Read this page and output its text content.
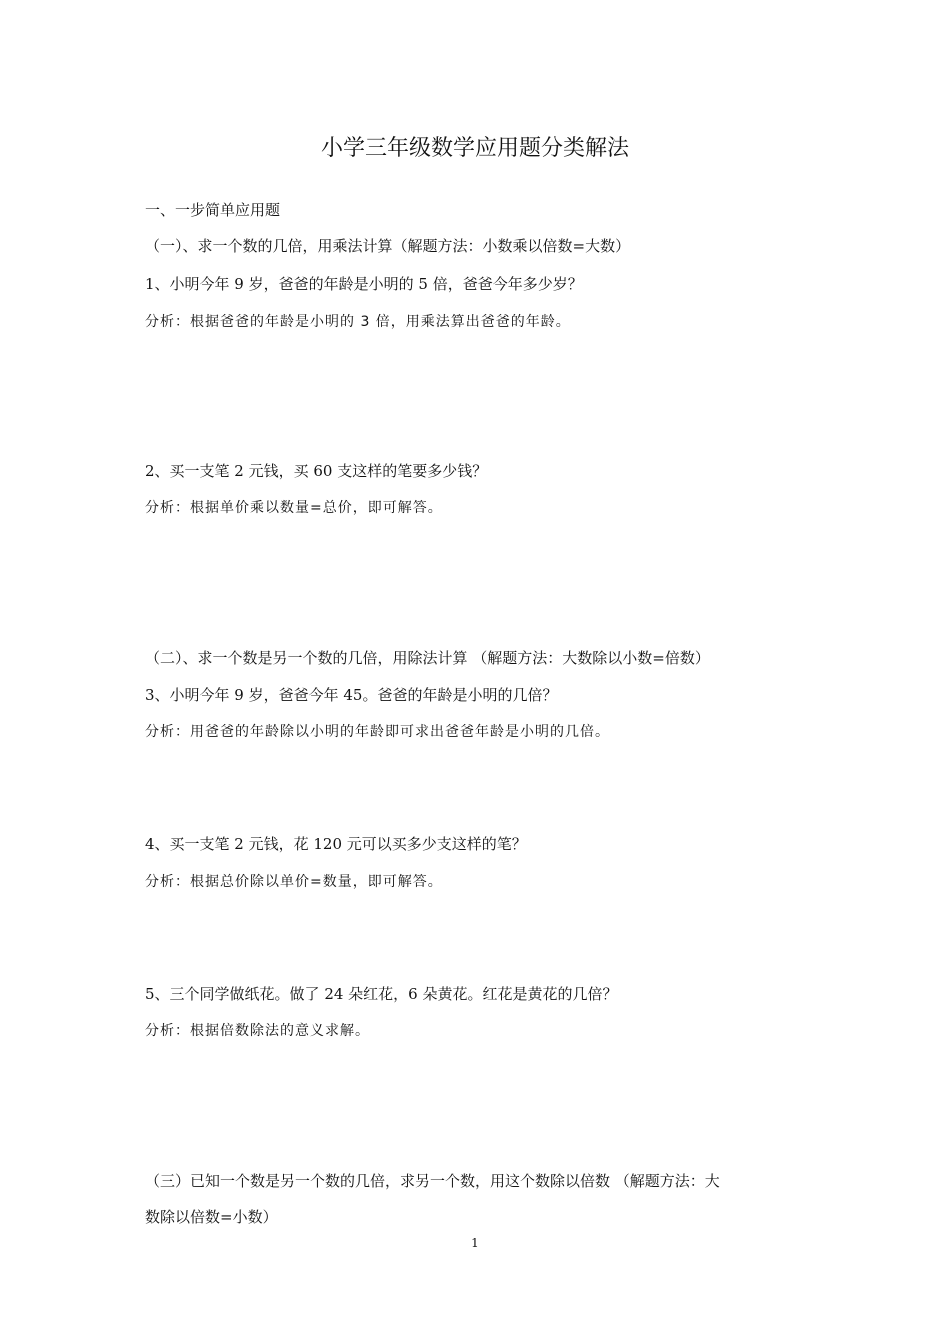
小学三年级数学应用题分类解法
一、一步简单应用题
（一）、求一个数的几倍，用乘法计算（解题方法：小数乘以倍数=大数）
1、小明今年 9 岁，爸爸的年龄是小明的 5 倍，爸爸今年多少岁？
分析：根据爸爸的年龄是小明的 3 倍，用乘法算出爸爸的年龄。
2、买一支笔 2 元钱，买 60 支这样的笔要多少钱？
分析：根据单价乘以数量=总价，即可解答。
（二）、求一个数是另一个数的几倍，用除法计算 （解题方法：大数除以小数=倍数）
3、小明今年 9 岁，爸爸今年 45。爸爸的年龄是小明的几倍？
分析：用爸爸的年龄除以小明的年龄即可求出爸爸年龄是小明的几倍。
4、买一支笔 2 元钱，花 120 元可以买多少支这样的笔？
分析：根据总价除以单价=数量，即可解答。
5、三个同学做纸花。做了 24 朵红花，6 朵黄花。红花是黄花的几倍？
分析：根据倍数除法的意义求解。
（三）已知一个数是另一个数的几倍，求另一个数，用这个数除以倍数 （解题方法：大
数除以倍数=小数）
1
